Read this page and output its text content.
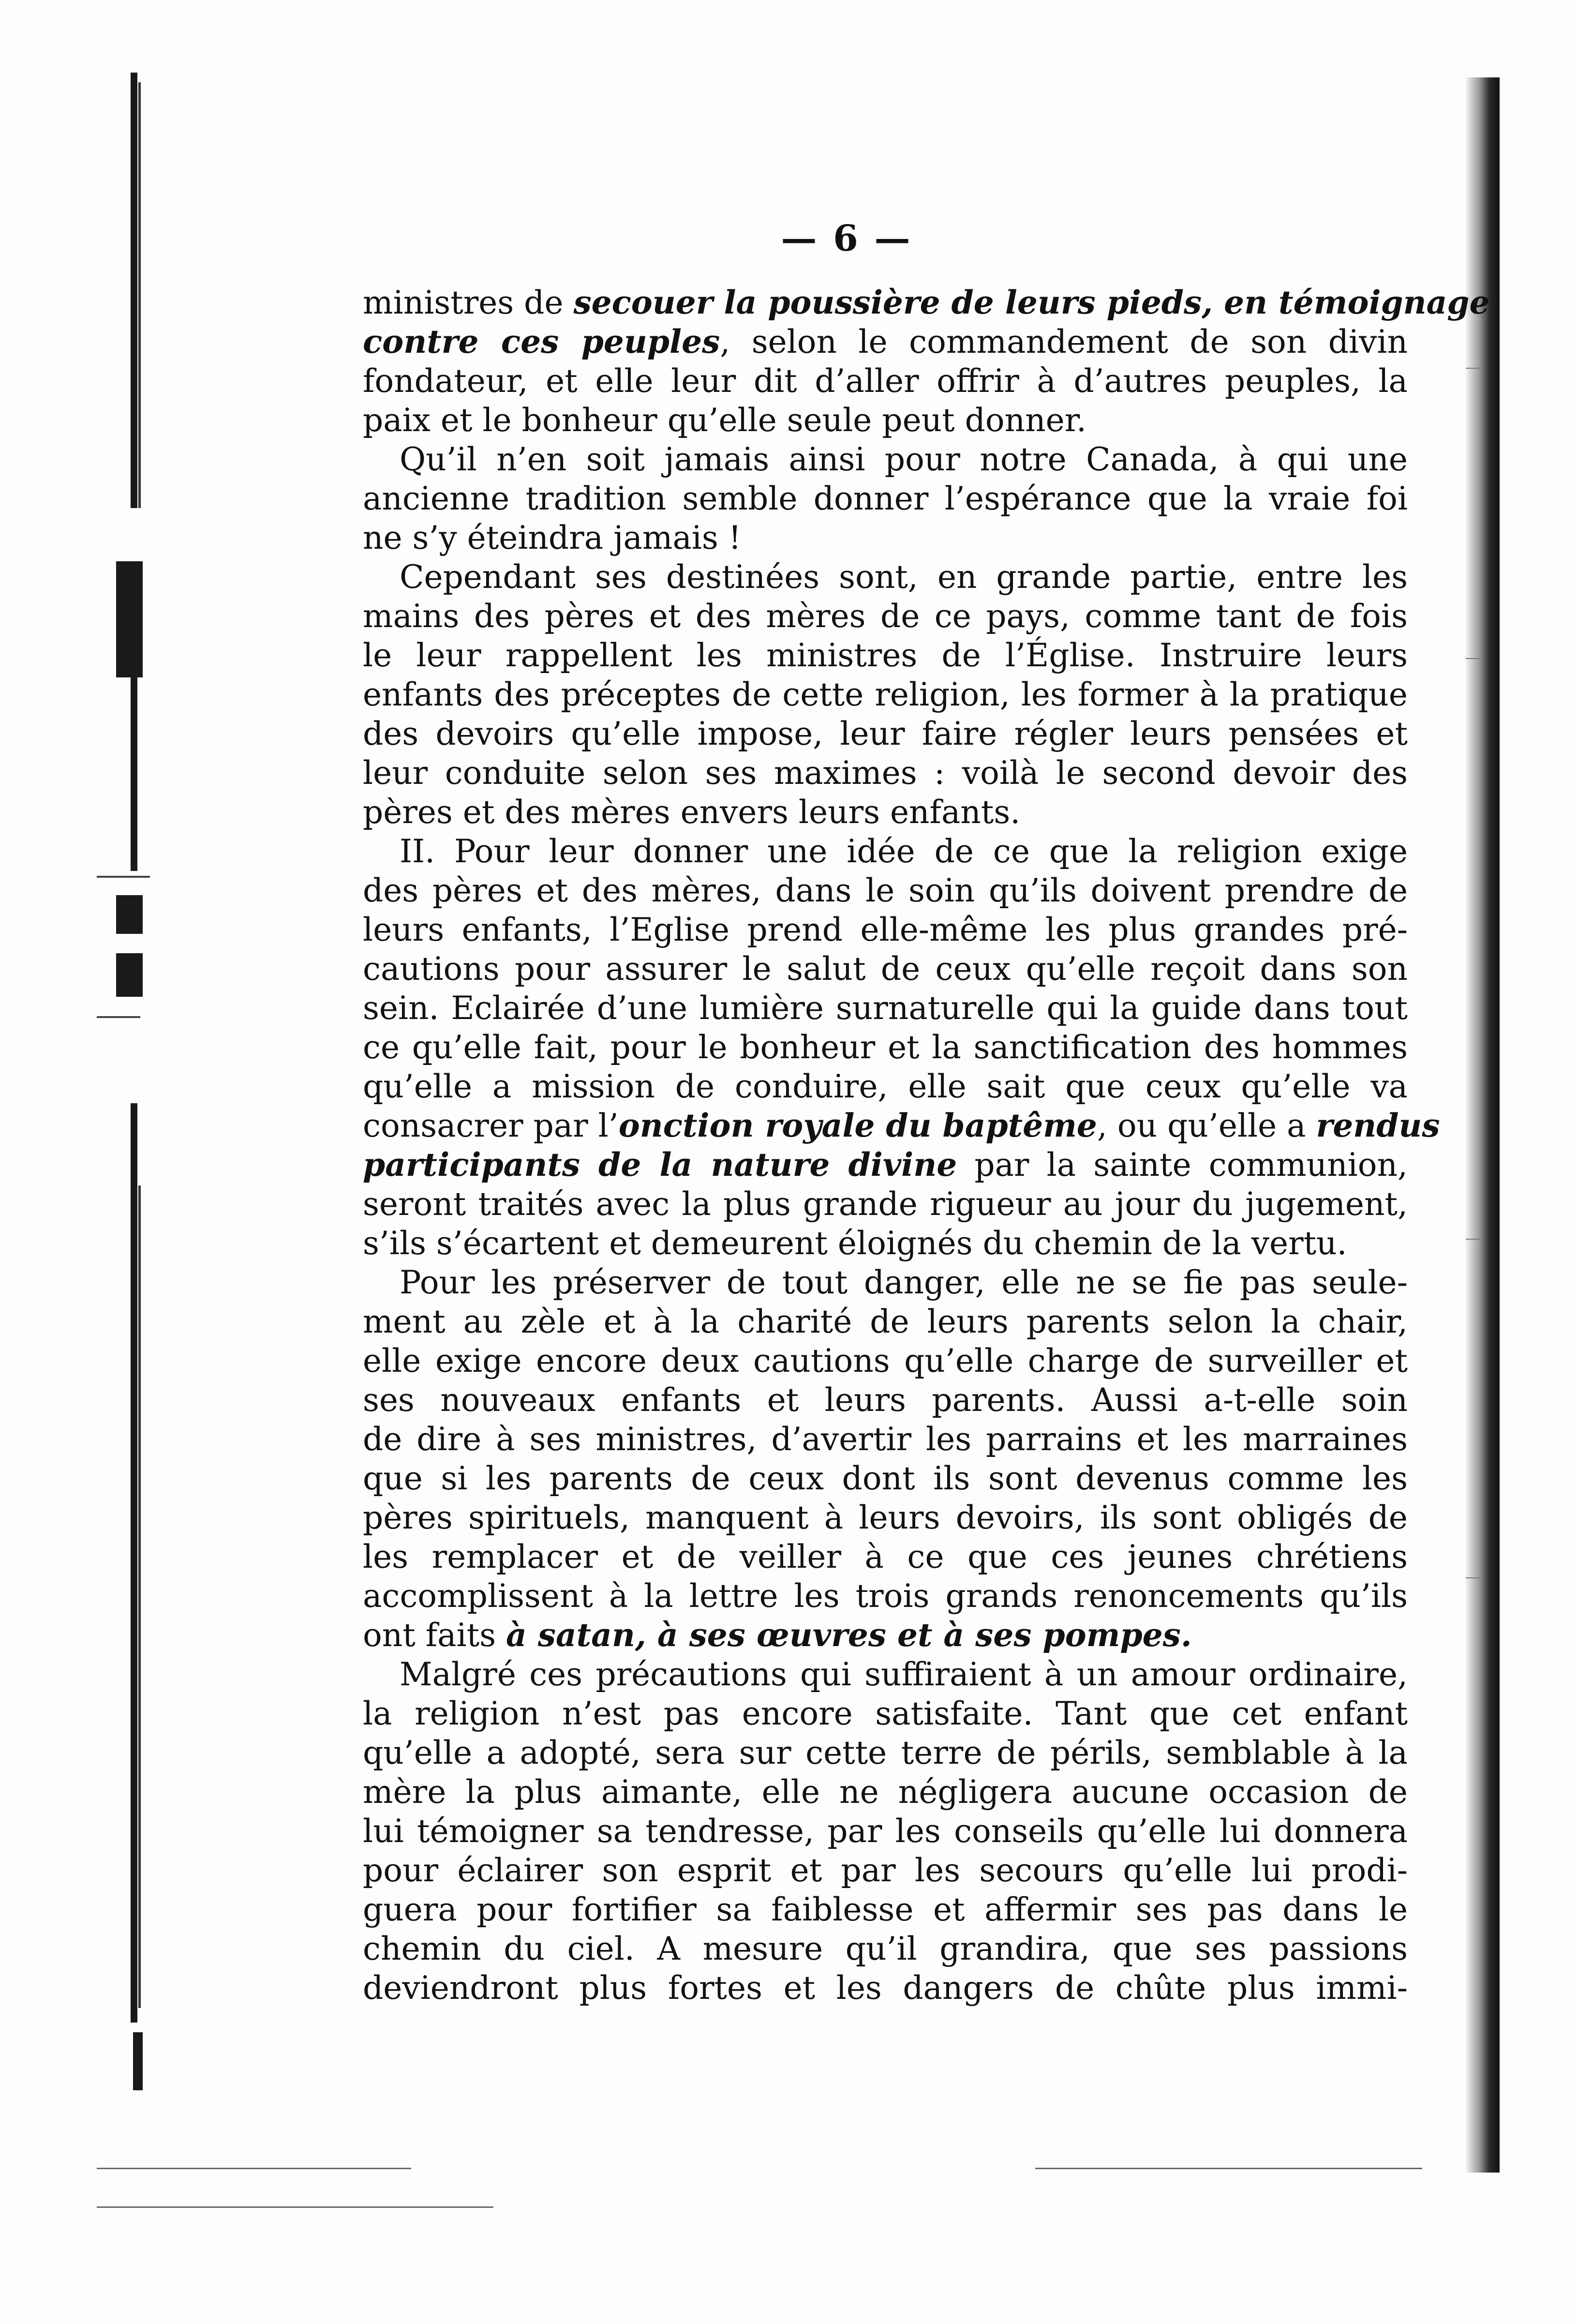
— 6 —
ministres de secouer la poussière de leurs pieds, en témoignage
contre ces peuples, selon le commandement de son divin
fondateur, et elle leur dit d’aller offrir à d’autres peuples, la
paix et le bonheur qu’elle seule peut donner.
Qu’il n’en soit jamais ainsi pour notre Canada, à qui une
ancienne tradition semble donner l’espérance que la vraie foi
ne s’y éteindra jamais !
Cependant ses destinées sont, en grande partie, entre les
mains des pères et des mères de ce pays, comme tant de fois
le leur rappellent les ministres de l’Église. Instruire leurs
enfants des préceptes de cette religion, les former à la pratique
des devoirs qu’elle impose, leur faire régler leurs pensées et
leur conduite selon ses maximes : voilà le second devoir des
pères et des mères envers leurs enfants.
II. Pour leur donner une idée de ce que la religion exige
des pères et des mères, dans le soin qu’ils doivent prendre de
leurs enfants, l’Eglise prend elle-même les plus grandes pré-
cautions pour assurer le salut de ceux qu’elle reçoit dans son
sein. Eclairée d’une lumière surnaturelle qui la guide dans tout
ce qu’elle fait, pour le bonheur et la sanctification des hommes
qu’elle a mission de conduire, elle sait que ceux qu’elle va
consacrer par l’onction royale du baptême, ou qu’elle a rendus
participants de la nature divine par la sainte communion,
seront traités avec la plus grande rigueur au jour du jugement,
s’ils s’écartent et demeurent éloignés du chemin de la vertu.
Pour les préserver de tout danger, elle ne se fie pas seule-
ment au zèle et à la charité de leurs parents selon la chair,
elle exige encore deux cautions qu’elle charge de surveiller et
ses nouveaux enfants et leurs parents. Aussi a-t-elle soin
de dire à ses ministres, d’avertir les parrains et les marraines
que si les parents de ceux dont ils sont devenus comme les
pères spirituels, manquent à leurs devoirs, ils sont obligés de
les remplacer et de veiller à ce que ces jeunes chrétiens
accomplissent à la lettre les trois grands renoncements qu’ils
ont faits à satan, à ses œuvres et à ses pompes.
Malgré ces précautions qui suffiraient à un amour ordinaire,
la religion n’est pas encore satisfaite. Tant que cet enfant
qu’elle a adopté, sera sur cette terre de périls, semblable à la
mère la plus aimante, elle ne négligera aucune occasion de
lui témoigner sa tendresse, par les conseils qu’elle lui donnera
pour éclairer son esprit et par les secours qu’elle lui prodi-
guera pour fortifier sa faiblesse et affermir ses pas dans le
chemin du ciel. A mesure qu’il grandira, que ses passions
deviendront plus fortes et les dangers de chûte plus immi-
